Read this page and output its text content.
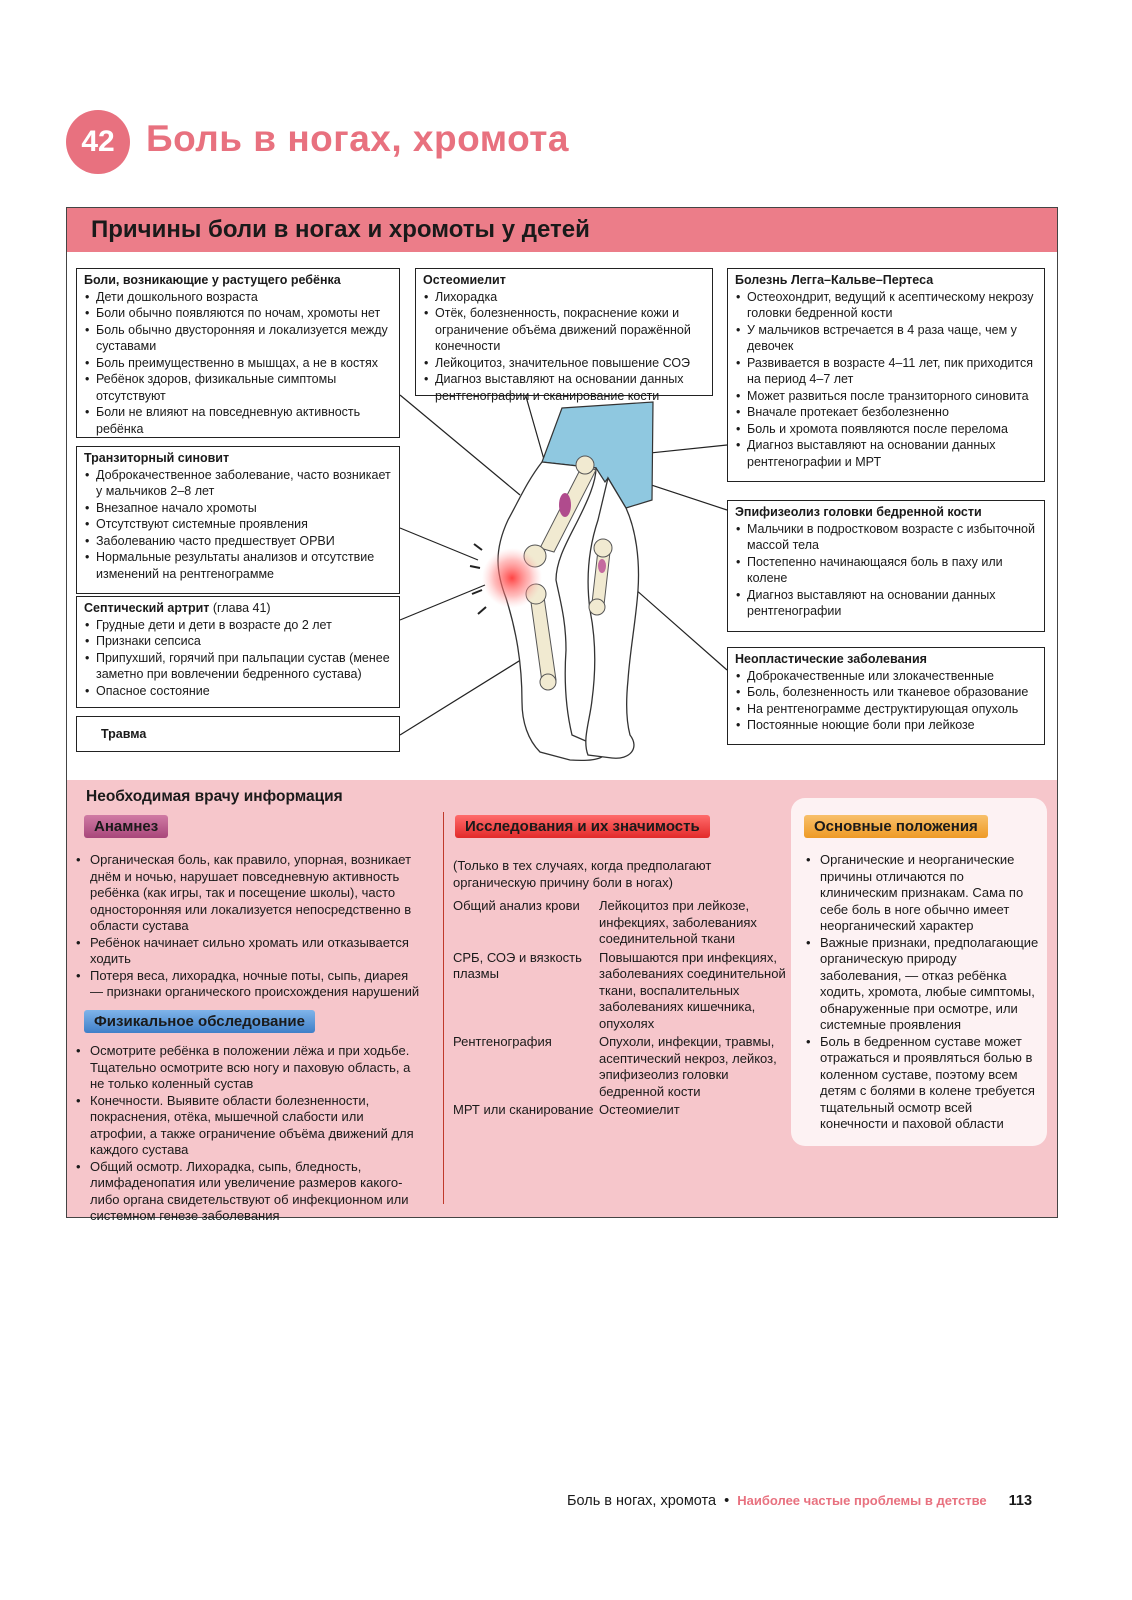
42 Боль в ногах, хромота
Причины боли в ногах и хромоты у детей
Боли, возникающие у растущего ребёнка
• Дети дошкольного возраста
• Боли обычно появляются по ночам, хромоты нет
• Боль обычно двусторонняя и локализуется между суставами
• Боль преимущественно в мышцах, а не в костях
• Ребёнок здоров, физикальные симптомы отсутствуют
• Боли не влияют на повседневную активность ребёнка
Остеомиелит
• Лихорадка
• Отёк, болезненность, покраснение кожи и ограничение объёма движений поражённой конечности
• Лейкоцитоз, значительное повышение СОЭ
• Диагноз выставляют на основании данных рентгенографии и сканирование кости
Болезнь Легга–Кальве–Пертеса
• Остеохондрит, ведущий к асептическому некрозу головки бедренной кости
• У мальчиков встречается в 4 раза чаще, чем у девочек
• Развивается в возрасте 4–11 лет, пик приходится на период 4–7 лет
• Может развиться после транзиторного синовита
• Вначале протекает безболезненно
• Боль и хромота появляются после перелома
• Диагноз выставляют на основании данных рентгенографии и МРТ
Транзиторный синовит
• Доброкачественное заболевание, часто возникает у мальчиков 2–8 лет
• Внезапное начало хромоты
• Отсутствуют системные проявления
• Заболеванию часто предшествует ОРВИ
• Нормальные результаты анализов и отсутствие изменений на рентгенограмме
Эпифизеолиз головки бедренной кости
• Мальчики в подростковом возрасте с избыточной массой тела
• Постепенно начинающаяся боль в паху или колене
• Диагноз выставляют на основании данных рентгенографии
Септический артрит (глава 41)
• Грудные дети и дети в возрасте до 2 лет
• Признаки сепсиса
• Припухший, горячий при пальпации сустав (менее заметно при вовлечении бедренного сустава)
• Опасное состояние
Неопластические заболевания
• Доброкачественные или злокачественные
• Боль, болезненность или тканевое образование
• На рентгенограмме деструктирующая опухоль
• Постоянные ноющие боли при лейкозе
Травма
Необходимая врачу информация
Анамнез
• Органическая боль, как правило, упорная, возникает днём и ночью, нарушает повседневную активность ребёнка (как игры, так и посещение школы), часто односторонняя или локализуется непосредственно в области сустава
• Ребёнок начинает сильно хромать или отказывается ходить
• Потеря веса, лихорадка, ночные поты, сыпь, диарея — признаки органического происхождения нарушений
Физикальное обследование
• Осмотрите ребёнка в положении лёжа и при ходьбе. Тщательно осмотрите всю ногу и паховую область, а не только коленный сустав
• Конечности. Выявите области болезненности, покраснения, отёка, мышечной слабости или атрофии, а также ограничение объёма движений для каждого сустава
• Общий осмотр. Лихорадка, сыпь, бледность, лимфаденопатия или увеличение размеров какого-либо органа свидетельствуют об инфекционном или системном генезе заболевания
Исследования и их значимость
(Только в тех случаях, когда предполагают органическую причину боли в ногах)
Общий анализ крови	Лейкоцитоз при лейкозе, инфекциях, заболеваниях соединительной ткани
СРБ, СОЭ и вязкость плазмы
Повышаются при инфекциях, заболеваниях соединительной ткани, воспалительных заболеваниях кишечника, опухолях
Рентгенография	Опухоли, инфекции, травмы, асептический некроз, лейкоз, эпифизеолиз головки бедренной кости
МРТ или сканирование Остеомиелит
Основные положения
• Органические и неорганические причины отличаются по клиническим признакам. Сама по себе боль в ноге обычно имеет неорганический характер
• Важные признаки, предполагающие органическую природу заболевания, — отказ ребёнка ходить, хромота, любые симптомы, обнаруженные при осмотре, или системные проявления
• Боль в бедренном суставе может отражаться и проявляться болью в коленном суставе, поэтому всем детям с болями в колене требуется тщательный осмотр всей конечности и паховой области
Боль в ногах, хромота • Наиболее частые проблемы в детстве 113
